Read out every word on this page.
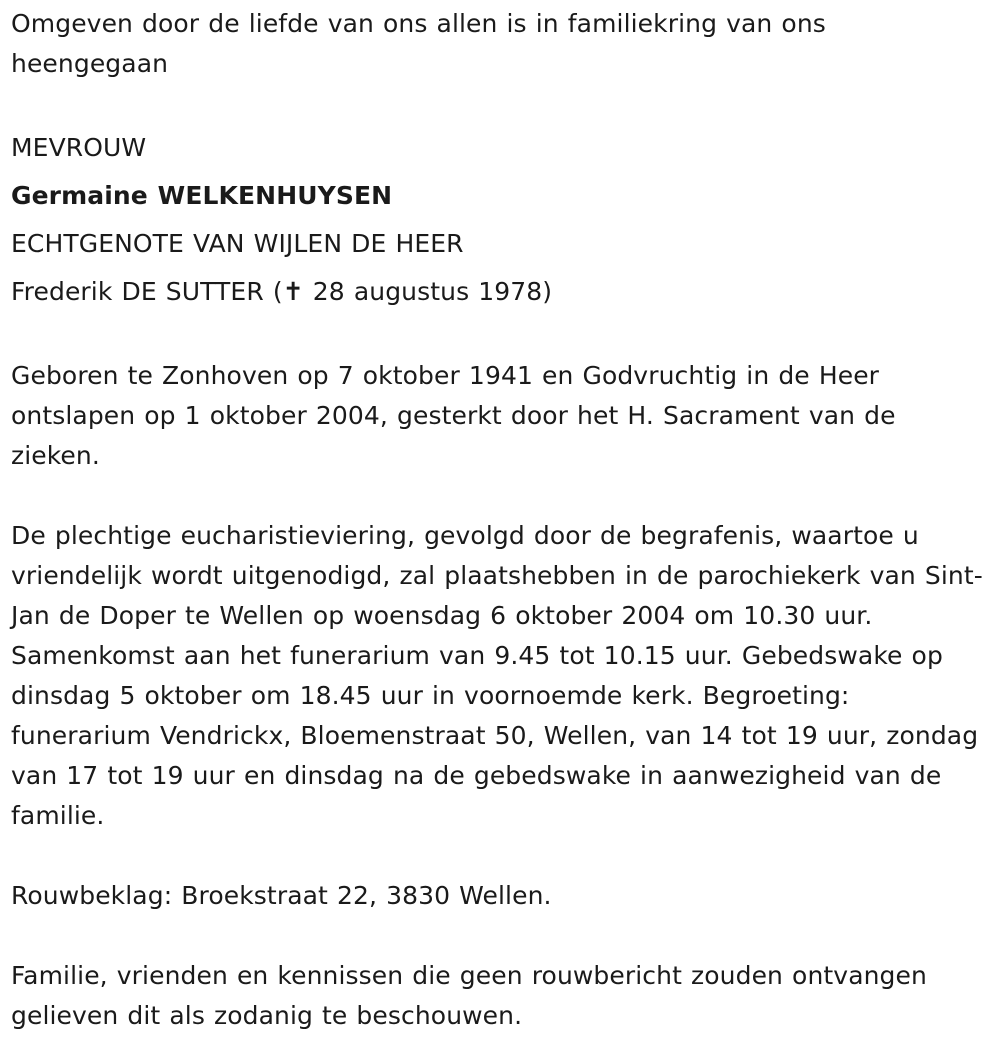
Omgeven door de liefde van ons allen is in familiekring van ons heengegaan

MEVROUW
Germaine WELKENHUYSEN
ECHTGENOTE VAN WIJLEN DE HEER
Frederik DE SUTTER (✝ 28 augustus 1978)

Geboren te Zonhoven op 7 oktober 1941 en Godvruchtig in de Heer ontslapen op 1 oktober 2004, gesterkt door het H. Sacrament van de zieken.

De plechtige eucharistieviering, gevolgd door de begrafenis, waartoe u vriendelijk wordt uitgenodigd, zal plaatshebben in de parochiekerk van Sint-Jan de Doper te Wellen op woensdag 6 oktober 2004 om 10.30 uur. Samenkomst aan het funerarium van 9.45 tot 10.15 uur. Gebedswake op dinsdag 5 oktober om 18.45 uur in voornoemde kerk. Begroeting: funerarium Vendrickx, Bloemenstraat 50, Wellen, van 14 tot 19 uur, zondag van 17 tot 19 uur en dinsdag na de gebedswake in aanwezigheid van de familie.

Rouwbeklag: Broekstraat 22, 3830 Wellen.

Familie, vrienden en kennissen die geen rouwbericht zouden ontvangen gelieven dit als zodanig te beschouwen.
